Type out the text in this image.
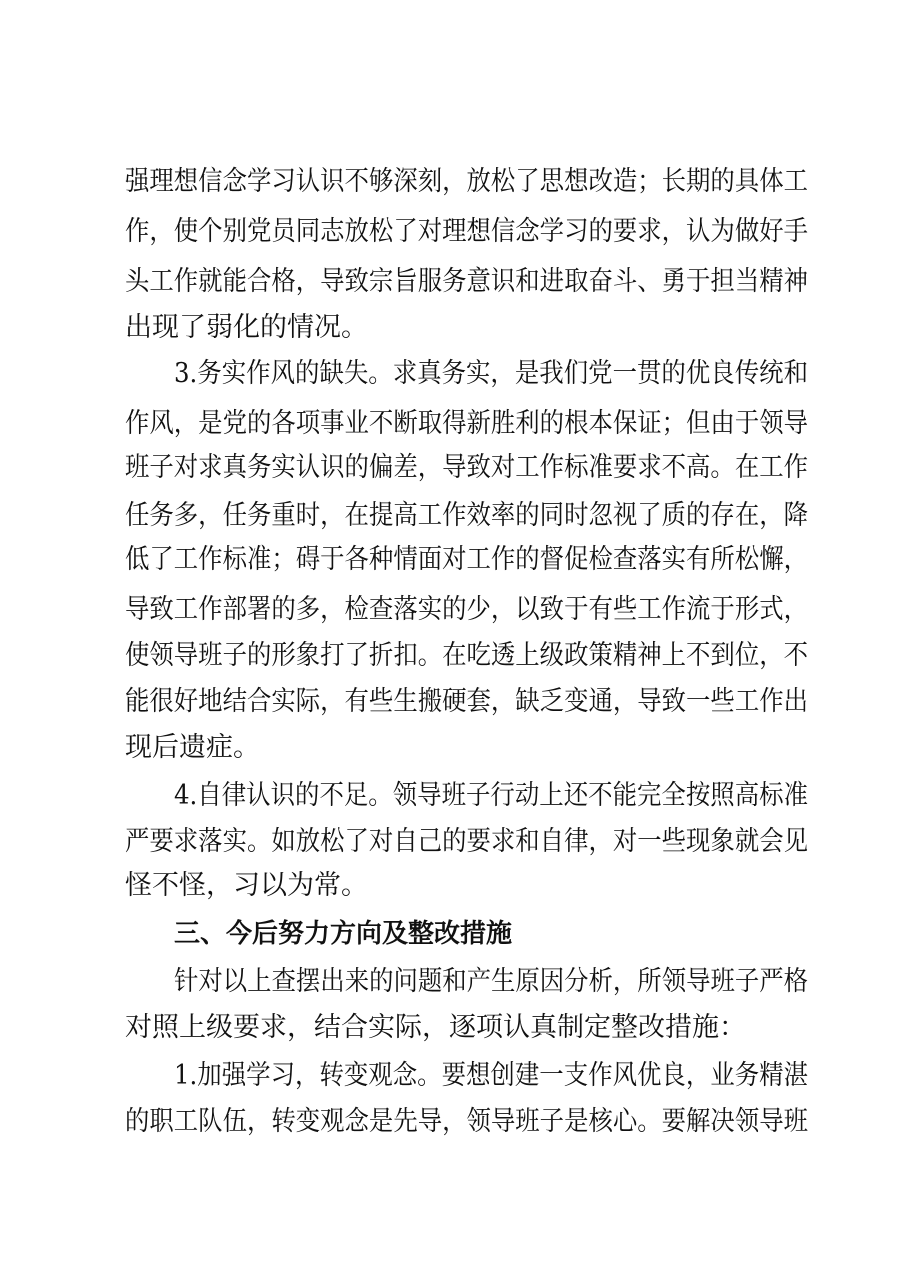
强理想信念学习认识不够深刻，放松了思想改造；长期的具体工
作，使个别党员同志放松了对理想信念学习的要求，认为做好手
头工作就能合格，导致宗旨服务意识和进取奋斗、勇于担当精神
出现了弱化的情况。
3.务实作风的缺失。求真务实，是我们党一贯的优良传统和
作风，是党的各项事业不断取得新胜利的根本保证；但由于领导
班子对求真务实认识的偏差，导致对工作标准要求不高。在工作
任务多，任务重时，在提高工作效率的同时忽视了质的存在，降
低了工作标准；碍于各种情面对工作的督促检查落实有所松懈，
导致工作部署的多，检查落实的少，以致于有些工作流于形式，
使领导班子的形象打了折扣。在吃透上级政策精神上不到位，不
能很好地结合实际，有些生搬硬套，缺乏变通，导致一些工作出
现后遗症。
4.自律认识的不足。领导班子行动上还不能完全按照高标准
严要求落实。如放松了对自己的要求和自律，对一些现象就会见
怪不怪，习以为常。
三、今后努力方向及整改措施
针对以上查摆出来的问题和产生原因分析，所领导班子严格
对照上级要求，结合实际，逐项认真制定整改措施：
1.加强学习，转变观念。要想创建一支作风优良，业务精湛
的职工队伍，转变观念是先导，领导班子是核心。要解决领导班
